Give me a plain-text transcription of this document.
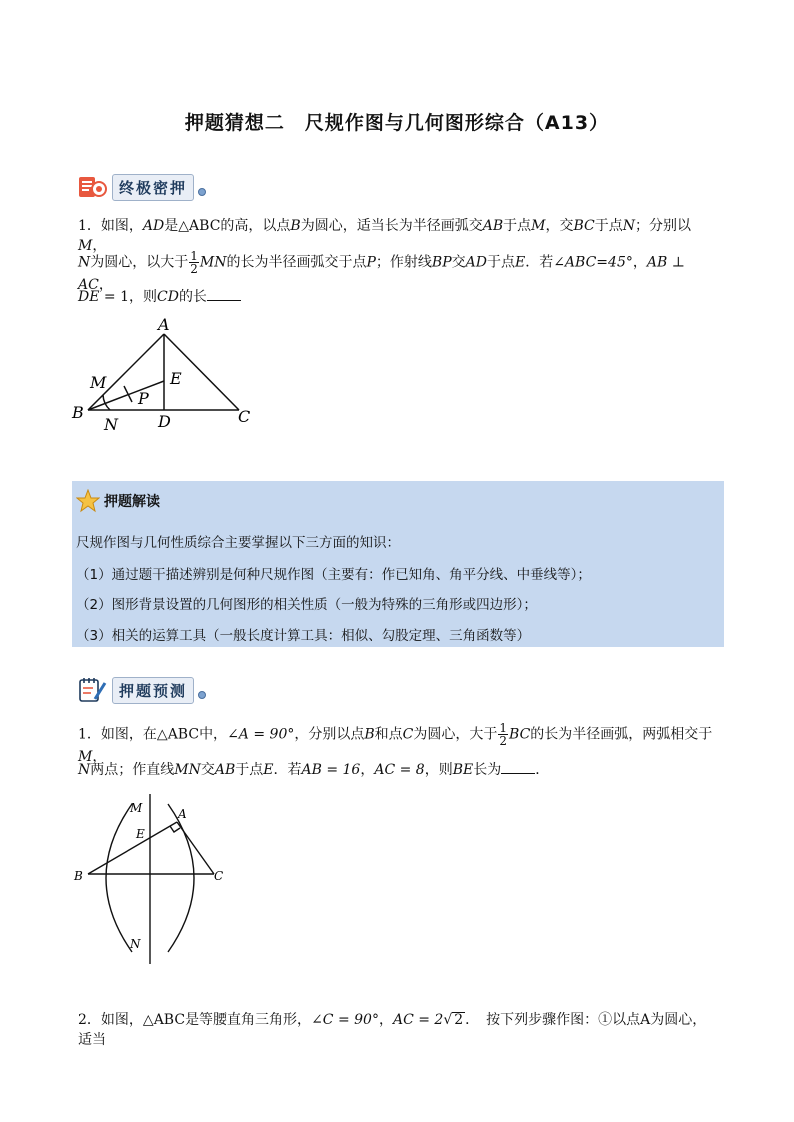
押题猜想二　尺规作图与几何图形综合（A13）
终极密押
1．如图，AD是△ABC的高，以点B为圆心，适当长为半径画弧交AB于点M，交BC于点N；分别以M，
N为圆心，以大于 $\frac{1}{2}$ MN的长为半径画弧交于点P；作射线BP交AD于点E．若∠ABC=45°，AB ⊥ AC，
DE = 1，则CD的长
A
B	C
D
E
M
N
P
押题解读
尺规作图与几何性质综合主要掌握以下三方面的知识：
（1）通过题干描述辨别是何种尺规作图（主要有：作已知角、角平分线、中垂线等）；
（2）图形背景设置的几何图形的相关性质（一般为特殊的三角形或四边形）；
（3）相关的运算工具（一般长度计算工具：相似、勾股定理、三角函数等）
押题预测
1．如图，在△ABC中，∠A = 90°，分别以点B和点C为圆心，大于 $\frac{1}{2}$ BC的长为半径画弧，两弧相交于M，
N两点；作直线MN交AB于点E．若AB = 16，AC = 8，则BE长为 ．
A
B	C
E
M
N
2．如图，△ABC是等腰直角三角形，∠C = 90°，AC = 2√ 2 ．　 按下列步骤作图：①以点A为圆心，适当
